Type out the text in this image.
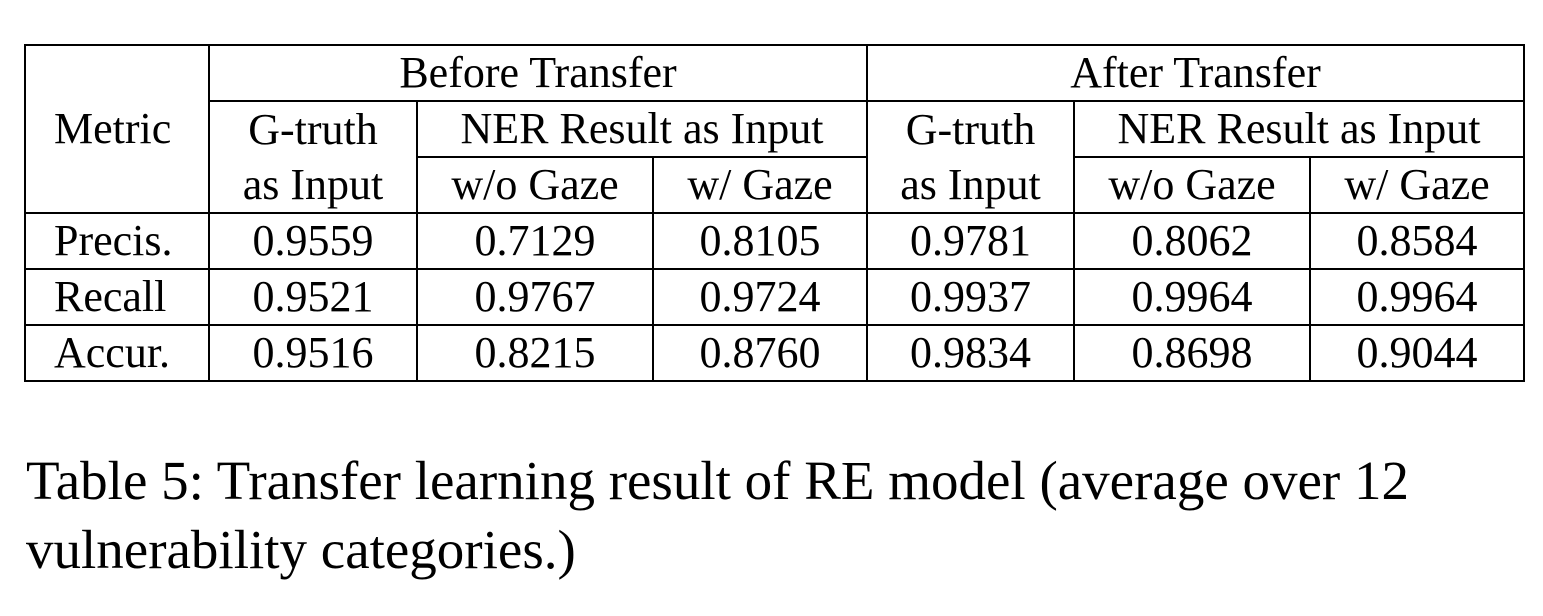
Metric	Before Transfer			After Transfer		
	G-truth	NER Result as Input		G-truth	NER Result as Input	
	as Input	w/o Gaze	w/ Gaze	as Input	w/o Gaze	w/ Gaze
Precis.	0.9559	0.7129	0.8105	0.9781	0.8062	0.8584
Recall	0.9521	0.9767	0.9724	0.9937	0.9964	0.9964
Accur.	0.9516	0.8215	0.8760	0.9834	0.8698	0.9044

Table 5: Transfer learning result of RE model (average over 12 vulnerability categories.)
